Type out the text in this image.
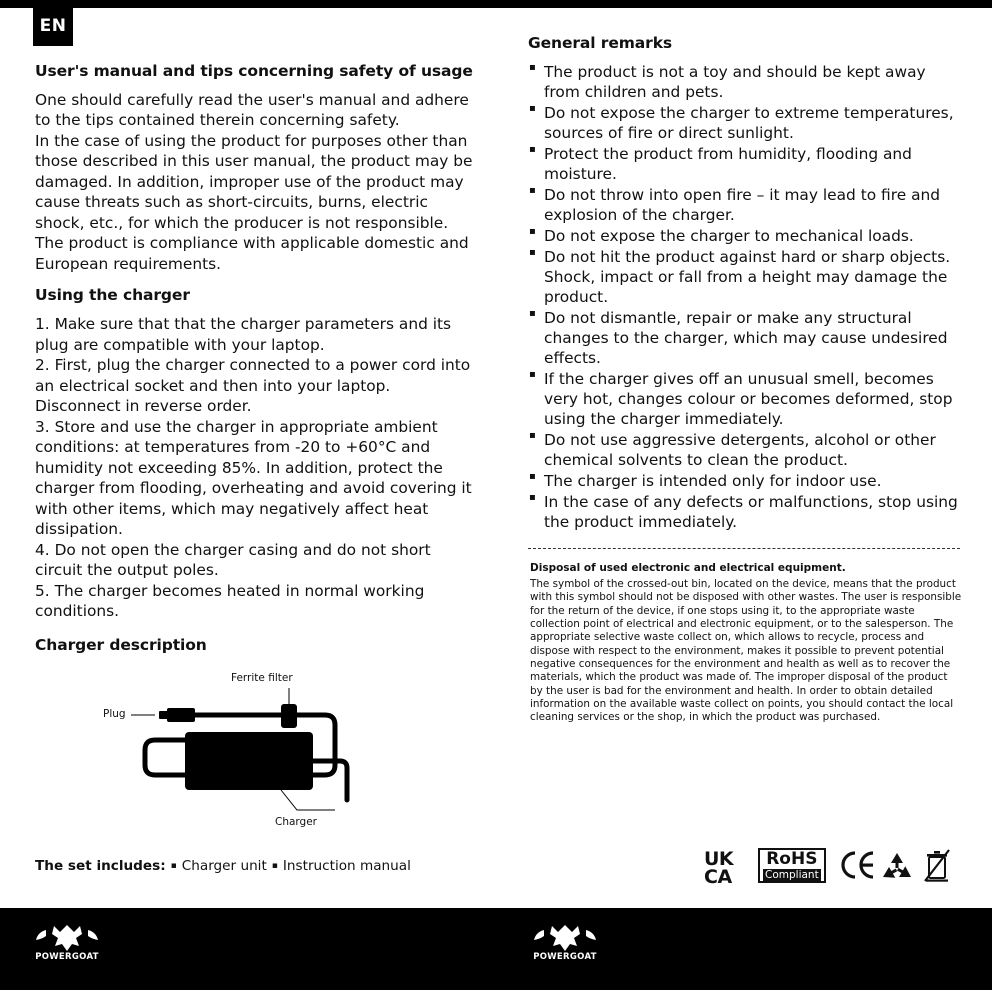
EN
User's manual and tips concerning safety of usage

One should carefully read the user's manual and adhere to the tips contained therein concerning safety.

In the case of using the product for purposes other than those described in this user manual, the product may be damaged. In addition, improper use of the product may cause threats such as short-circuits, burns, electric shock, etc., for which the producer is not responsible.

The product is compliance with applicable domestic and European requirements.

Using the charger

1. Make sure that that the charger parameters and its plug are compatible with your laptop.

2. First, plug the charger connected to a power cord into an electrical socket and then into your laptop. Disconnect in reverse order.

3. Store and use the charger in appropriate ambient conditions: at temperatures from -20 to +60°C and humidity not exceeding 85%. In addition, protect the charger from flooding, overheating and avoid covering it with other items, which may negatively affect heat dissipation.

4. Do not open the charger casing and do not short circuit the output poles.

5. The charger becomes heated in normal working conditions.

Charger description
Ferrite filter
Plug
Charger
The set includes: ▪ Charger unit ▪ Instruction manual
General remarks
▪ The product is not a toy and should be kept away from children and pets.
▪ Do not expose the charger to extreme temperatures, sources of fire or direct sunlight.
▪ Protect the product from humidity, flooding and moisture.
▪ Do not throw into open fire – it may lead to fire and explosion of the charger.
▪ Do not expose the charger to mechanical loads.
▪ Do not hit the product against hard or sharp objects. Shock, impact or fall from a height may damage the product.
▪ Do not dismantle, repair or make any structural changes to the charger, which may cause undesired effects.
▪ If the charger gives off an unusual smell, becomes very hot, changes colour or becomes deformed, stop using the charger immediately.
▪ Do not use aggressive detergents, alcohol or other chemical solvents to clean the product.
▪ The charger is intended only for indoor use.
▪ In the case of any defects or malfunctions, stop using the product immediately.

Disposal of used electronic and electrical equipment.

The symbol of the crossed-out bin, located on the device, means that the product with this symbol should not be disposed with other wastes. The user is responsible for the return of the device, if one stops using it, to the appropriate waste collection point of electrical and electronic equipment, or to the salesperson. The appropriate selective waste collect on, which allows to recycle, process and dispose with respect to the environment, makes it possible to prevent potential negative consequences for the environment and health as well as to recover the materials, which the product was made of. The improper disposal of the product by the user is bad for the environment and health. In order to obtain detailed information on the available waste collect on points, you should contact the local cleaning services or the shop, in which the product was purchased.

UK
CA
RoHS
Compliant
POWERGOAT	POWERGOAT
